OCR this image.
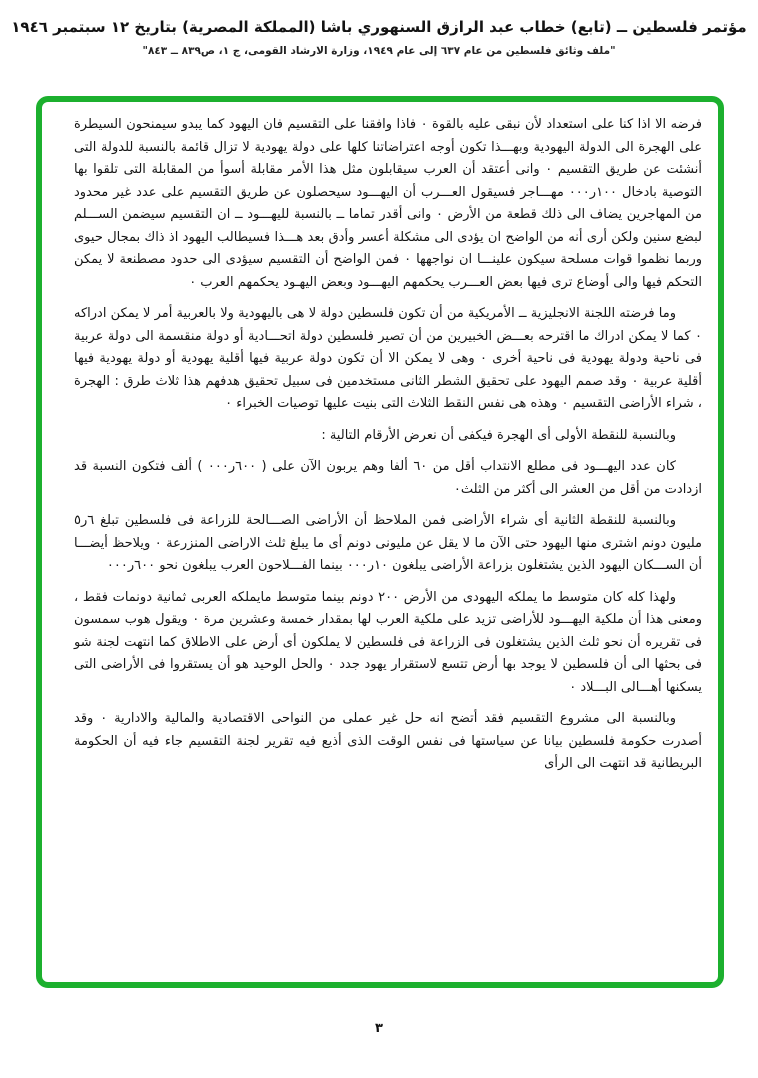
مؤتمر فلسطين ــ (تابع) خطاب عبد الرازق السنهوري باشا (المملكة المصرية) بتاريخ ١٢ سبتمبر ١٩٤٦

"ملف وثائق فلسطين من عام ٦٣٧ إلى عام ١٩٤٩، وزارة الارشاد القومى، ج ١، ص٨٣٩ ــ ٨٤٣"

فرضه الا اذا كنا على استعداد لأن نبقى عليه بالقوة ٠ فاذا وافقنا على التقسيم فان اليهود كما يبدو سيمنحون السيطرة على الهجرة الى الدولة اليهودية وبهـــذا تكون أوجه اعتراضاتنا كلها على دولة يهودية لا تزال قائمة بالنسبة للدولة التى أنشئت عن طريق التقسيم ٠ وانى أعتقد أن العرب سيقابلون مثل هذا الأمر مقابلة أسوأ من المقابلة التى تلقوا بها التوصية بادخال ١٠٠ر٠٠٠ مهـــاجر فسيقول العـــرب أن اليهـــود سيحصلون عن طريق التقسيم على عدد غير محدود من المهاجرين يضاف الى ذلك قطعة من الأرض ٠ وانى أقدر تماما ــ بالنسبة لليهـــود ــ ان التقسيم سيضمن الســـلم لبضع سنين ولكن أرى أنه من الواضح ان يؤدى الى مشكلة أعسر وأدق بعد هـــذا فسيطالب اليهود اذ ذاك بمجال حيوى وربما نظموا قوات مسلحة سيكون علينـــا ان نواجهها ٠ فمن الواضح أن التقسيم سيؤدى الى حدود مصطنعة لا يمكن التحكم فيها والى أوضاع ترى فيها بعض العـــرب يحكمهم اليهـــود وبعض اليهـود يحكمهم العرب ٠

وما فرضته اللجنة الانجليزية ــ الأمريكية من أن تكون فلسطين دولة لا هى باليهودية ولا بالعربية أمر لا يمكن ادراكه ٠ كما لا يمكن ادراك ما اقترحه بعـــض الخبيرين من أن تصير فلسطين دولة اتحـــادية أو دولة منقسمة الى دولة عربية فى ناحية ودولة يهودية فى ناحية أخرى ٠ وهى لا يمكن الا أن تكون دولة عربية فيها أقلية يهودية أو دولة يهودية فيها أقلية عربية ٠ وقد صمم اليهود على تحقيق الشطر الثانى مستخدمين فى سبيل تحقيق هدفهم هذا ثلاث طرق : الهجرة ، شراء الأراضى التقسيم ٠ وهذه هى نفس النقط الثلاث التى بنيت عليها توصيات الخبراء ٠

وبالنسبة للنقطة الأولى أى الهجرة فيكفى أن نعرض الأرقام التالية :

كان عدد اليهـــود فى مطلع الانتداب أقل من ٦٠ ألفا وهم يربون الآن على ( ٦٠٠ر٠٠٠ ) ألف فتكون النسبة قد ازدادت من أقل من العشر الى أكثر من الثلث٠

وبالنسبة للنقطة الثانية أى شراء الأراضى فمن الملاحظ أن الأراضى الصـــالحة للزراعة فى فلسطين تبلغ ٦ر٥ مليون دونم اشترى منها اليهود حتى الآن ما لا يقل عن مليونى دونم أى ما يبلغ ثلث الاراضى المنزرعة ٠ ويلاحظ أيضـــا أن الســـكان اليهود الذين يشتغلون بزراعة الأراضى يبلغون ١٠ر٠٠٠ بينما الفـــلاحون العرب يبلغون نحو ٦٠٠ر٠٠٠

ولهذا كله كان متوسط ما يملكه اليهودى من الأرض ٢٠٠ دونم بينما متوسط مايملكه العربى ثمانية دونمات فقط ، ومعنى هذا أن ملكية اليهـــود للأراضى تزيد على ملكية العرب لها بمقدار خمسة وعشرين مرة ٠ ويقول هوب سمسون فى تقريره أن نحو ثلث الذين يشتغلون فى الزراعة فى فلسطين لا يملكون أى أرض على الاطلاق كما انتهت لجنة شو فى بحثها الى أن فلسطين لا يوجد بها أرض تتسع لاستقرار يهود جدد ٠ والحل الوحيد هو أن يستقروا فى الأراضى التى يسكنها أهـــالى البـــلاد ٠

وبالنسبة الى مشروع التقسيم فقد أتضح انه حل غير عملى من النواحى الاقتصادية والمالية والادارية ٠ وقد أصدرت حكومة فلسطين بيانا عن سياستها فى نفس الوقت الذى أذيع فيه تقرير لجنة التقسيم جاء فيه أن الحكومة البريطانية قد انتهت الى الرأى

٣
